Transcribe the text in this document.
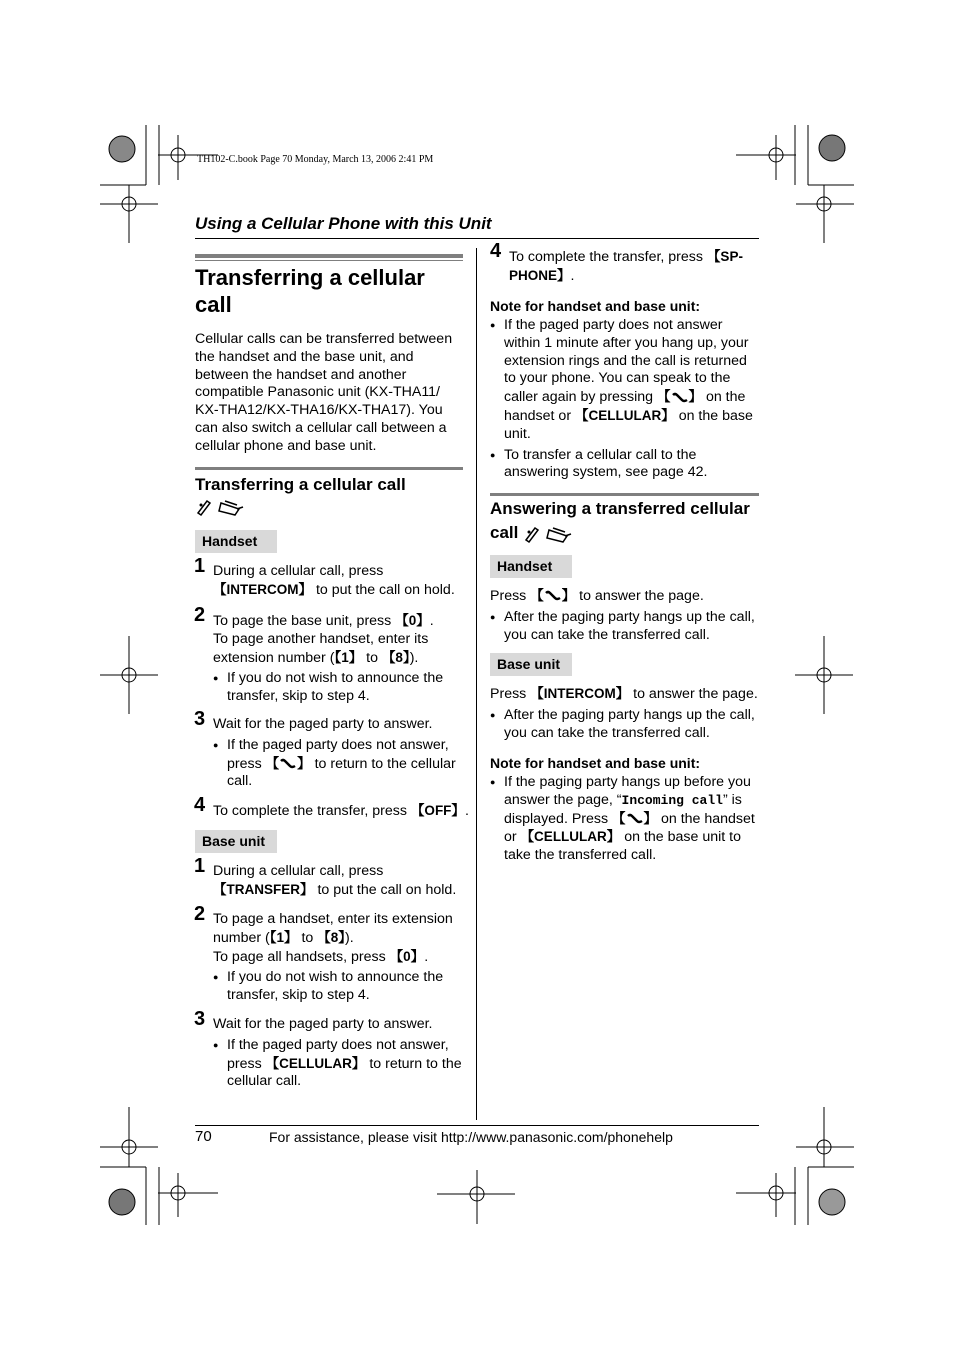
TH102-C.book Page 70 Monday, March 13, 2006 2:41 PM
Using a Cellular Phone with this Unit
Transferring a cellular
call
Cellular calls can be transferred between
the handset and the base unit, and
between the handset and another
compatible Panasonic unit (KX-THA11/
KX-THA12/KX-THA16/KX-THA17). You
can also switch a cellular call between a
cellular phone and base unit.
Transferring a cellular call
Handset
1 During a cellular call, press
【INTERCOM】 to put the call on hold.
2 To page the base unit, press 【0】.
To page another handset, enter its
extension number (【1】 to 【8】).
● If you do not wish to announce the transfer, skip to step 4.
3 Wait for the paged party to answer.
● If the paged party does not answer, press 【 】 to return to the cellular call.
4 To complete the transfer, press 【OFF】.
Base unit
1 During a cellular call, press
【TRANSFER】 to put the call on hold.
2 To page a handset, enter its extension
number (【1】 to 【8】).
To page all handsets, press 【0】.
● If you do not wish to announce the transfer, skip to step 4.
3 Wait for the paged party to answer.
● If the paged party does not answer, press 【CELLULAR】 to return to the cellular call.
4 To complete the transfer, press 【SP-
PHONE】.
Note for handset and base unit:
● If the paged party does not answer within 1 minute after you hang up, your extension rings and the call is returned to your phone. You can speak to the caller again by pressing 【 】 on the handset or 【CELLULAR】 on the base unit.
● To transfer a cellular call to the answering system, see page 42.
Answering a transferred cellular
call
Handset
Press 【 】 to answer the page.
● After the paging party hangs up the call, you can take the transferred call.
Base unit
Press 【INTERCOM】 to answer the page.
● After the paging party hangs up the call, you can take the transferred call.
Note for handset and base unit:
● If the paging party hangs up before you answer the page, “Incoming call” is displayed. Press 【 】 on the handset or 【CELLULAR】 on the base unit to take the transferred call.
70	For assistance, please visit http://www.panasonic.com/phonehelp
